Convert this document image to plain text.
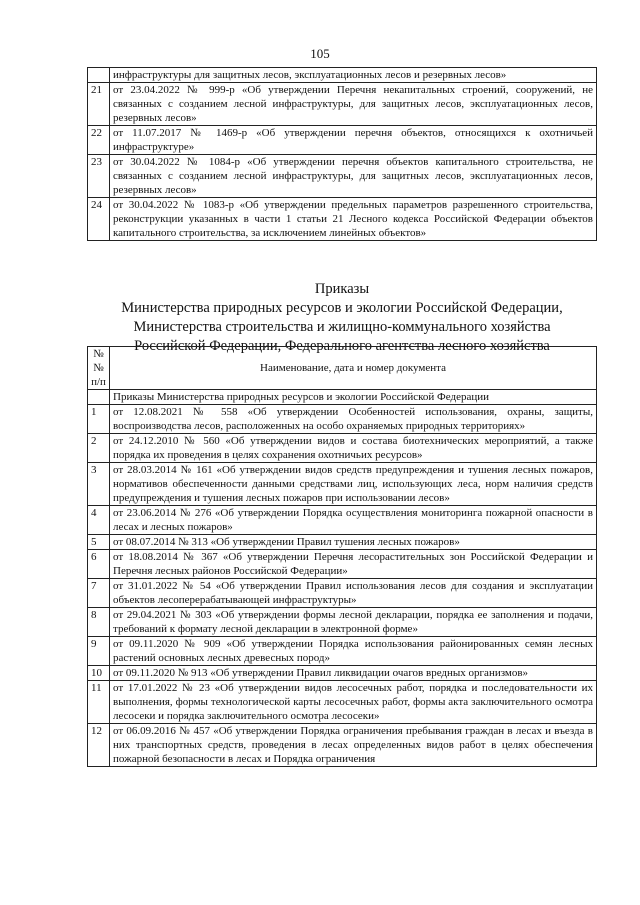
105
	инфраструктуры для защитных лесов, эксплуатационных лесов и резервных лесов»
21	от 23.04.2022 № 999-р «Об утверждении Перечня некапитальных строений, сооружений, не связанных с созданием лесной инфраструктуры, для защитных лесов, эксплуатационных лесов, резервных лесов»
22	от 11.07.2017 № 1469-р «Об утверждении перечня объектов, относящихся к охотничьей инфраструктуре»
23	от 30.04.2022 № 1084-р «Об утверждении перечня объектов капитального строительства, не связанных с созданием лесной инфраструктуры, для защитных лесов, эксплуатационных лесов, резервных лесов»
24	от 30.04.2022 № 1083-р «Об утверждении предельных параметров разрешенного строительства, реконструкции указанных в части 1 статьи 21 Лесного кодекса Российской Федерации объектов капитального строительства, за исключением линейных объектов»
Приказы
Министерства природных ресурсов и экологии Российской Федерации,
Министерства строительства и жилищно-коммунального хозяйства
Российской Федерации, Федерального агентства лесного хозяйства
№№ п/п	Наименование, дата и номер документа
	Приказы Министерства природных ресурсов и экологии Российской Федерации
1	от 12.08.2021 № 558 «Об утверждении Особенностей использования, охраны, защиты, воспроизводства лесов, расположенных на особо охраняемых природных территориях»
2	от 24.12.2010 № 560 «Об утверждении видов и состава биотехнических мероприятий, а также порядка их проведения в целях сохранения охотничьих ресурсов»
3	от 28.03.2014 № 161 «Об утверждении видов средств предупреждения и тушения лесных пожаров, нормативов обеспеченности данными средствами лиц, использующих леса, норм наличия средств предупреждения и тушения лесных пожаров при использовании лесов»
4	от 23.06.2014 № 276 «Об утверждении Порядка осуществления мониторинга пожарной опасности в лесах и лесных пожаров»
5	от 08.07.2014 № 313 «Об утверждении Правил тушения лесных пожаров»
6	от 18.08.2014 № 367 «Об утверждении Перечня лесорастительных зон Российской Федерации и Перечня лесных районов Российской Федерации»
7	от 31.01.2022 № 54 «Об утверждении Правил использования лесов для создания и эксплуатации объектов лесоперерабатывающей инфраструктуры»
8	от 29.04.2021 № 303 «Об утверждении формы лесной декларации, порядка ее заполнения и подачи, требований к формату лесной декларации в электронной форме»
9	от 09.11.2020 № 909 «Об утверждении Порядка использования районированных семян лесных растений основных лесных древесных пород»
10	от 09.11.2020 № 913 «Об утверждении Правил ликвидации очагов вредных организмов»
11	от 17.01.2022 № 23 «Об утверждении видов лесосечных работ, порядка и последовательности их выполнения, формы технологической карты лесосечных работ, формы акта заключительного осмотра лесосеки и порядка заключительного осмотра лесосеки»
12	от 06.09.2016 № 457 «Об утверждении Порядка ограничения пребывания граждан в лесах и въезда в них транспортных средств, проведения в лесах определенных видов работ в целях обеспечения пожарной безопасности в лесах и Порядка ограничения
